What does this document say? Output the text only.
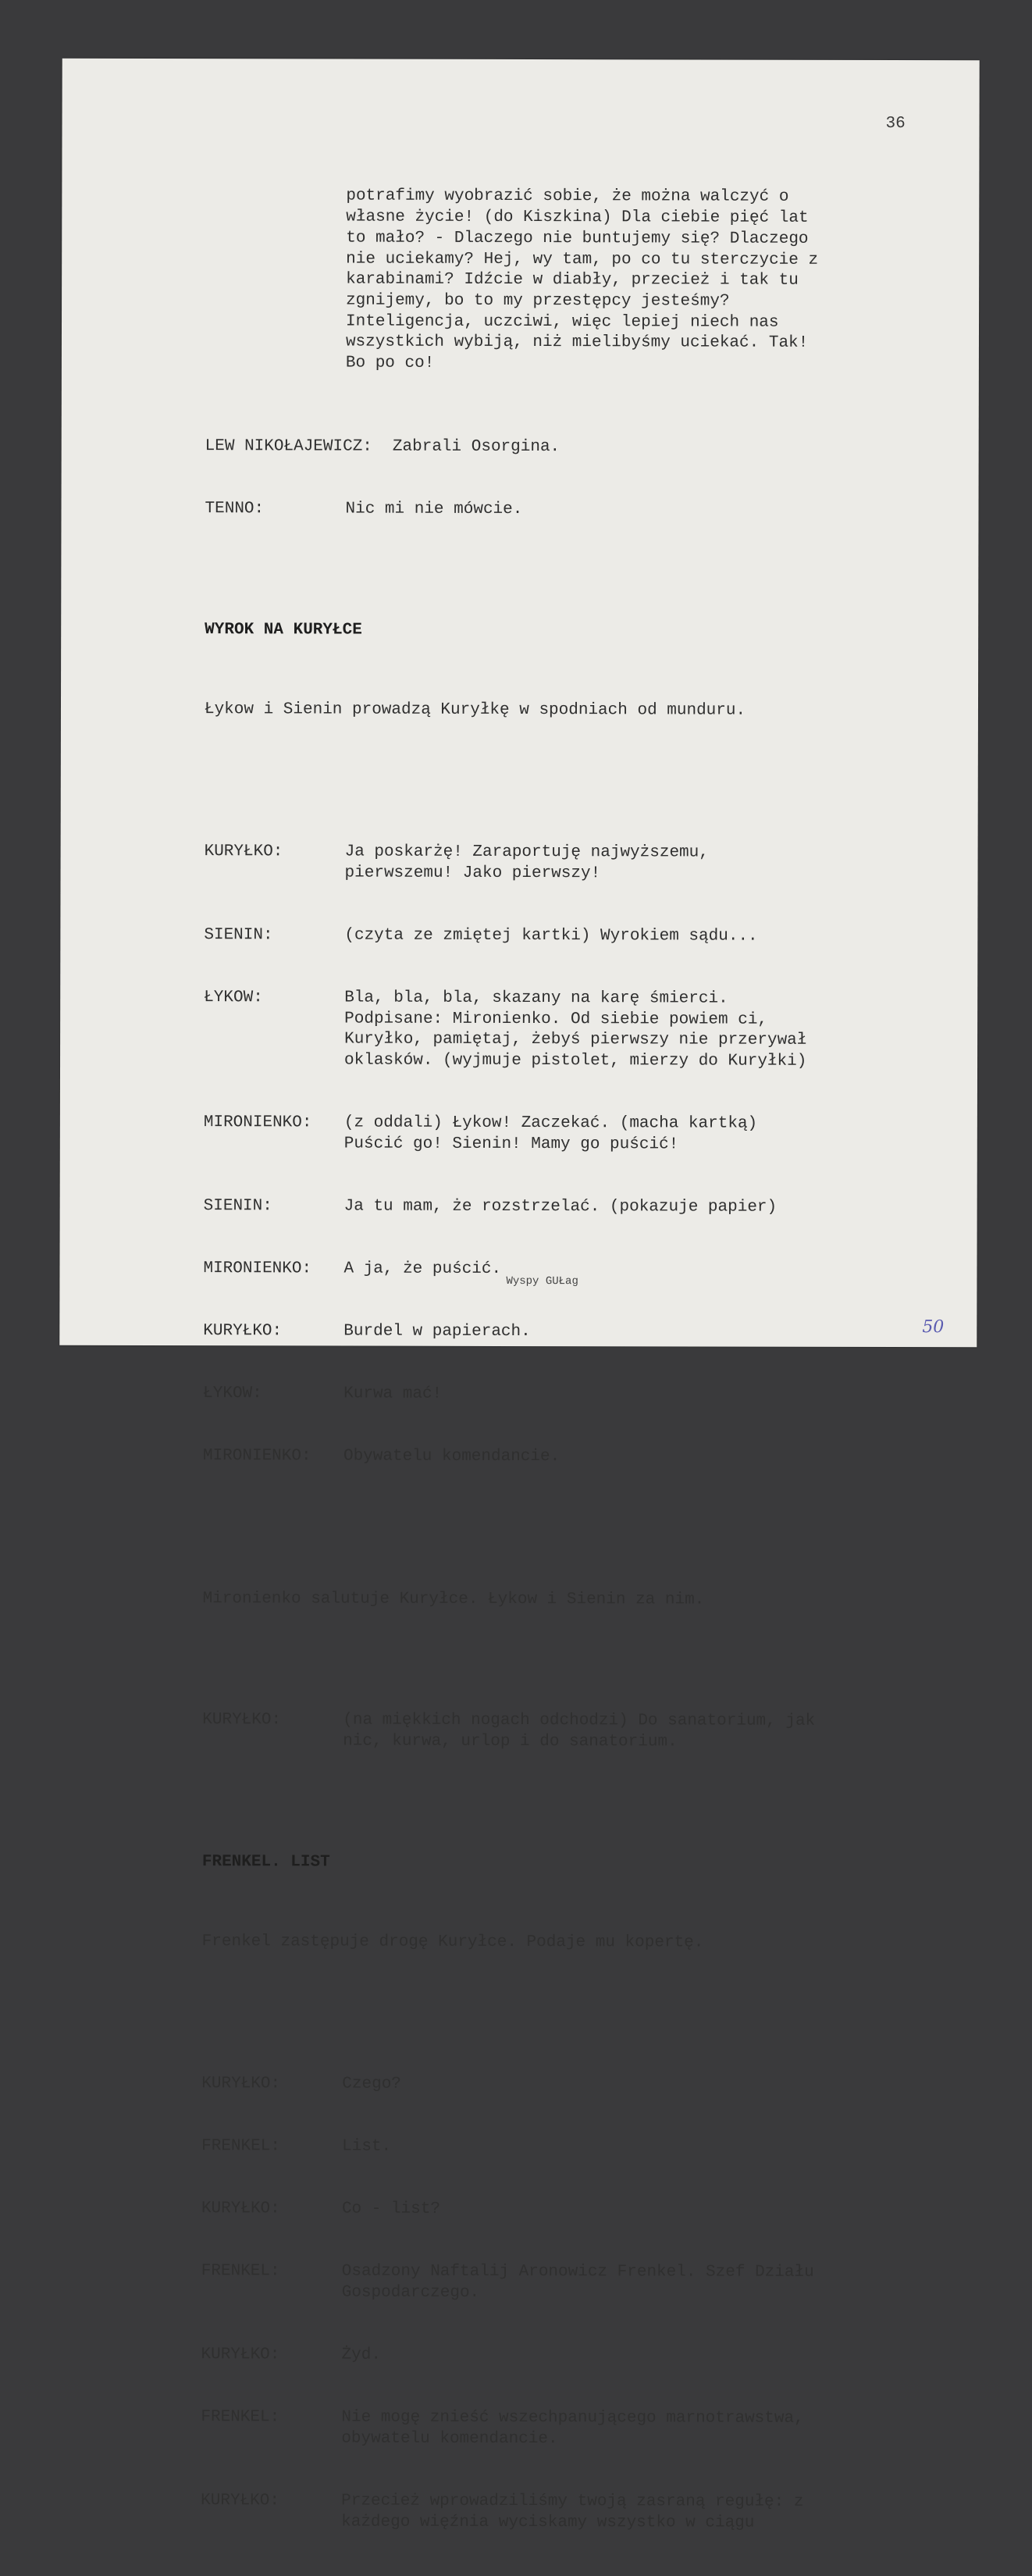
36

potrafimy wyobrazić sobie, że można walczyć o
własne życie! (do Kiszkina) Dla ciebie pięć lat
to mało? - Dlaczego nie buntujemy się? Dlaczego
nie uciekamy? Hej, wy tam, po co tu sterczycie z
karabinami? Idźcie w diabły, przecież i tak tu
zgnijemy, bo to my przestępcy jesteśmy?
Inteligencja, uczciwi, więc lepiej niech nas
wszystkich wybiją, niż mielibyśmy uciekać. Tak!
Bo po co!

LEW NIKOŁAJEWICZ:	Zabrali Osorgina.

TENNO:	Nic mi nie mówcie.

WYROK NA KURYŁCE

Łykow i Sienin prowadzą Kuryłkę w spodniach od munduru.

KURYŁKO:	Ja poskarżę! Zaraportuję najwyższemu,
pierwszemu! Jako pierwszy!

SIENIN:	(czyta ze zmiętej kartki) Wyrokiem sądu...

ŁYKOW:	Bla, bla, bla, skazany na karę śmierci.
Podpisane: Mironienko. Od siebie powiem ci,
Kuryłko, pamiętaj, żebyś pierwszy nie przerywał
oklasków. (wyjmuje pistolet, mierzy do Kuryłki)

MIRONIENKO:	(z oddali) Łykow! Zaczekać. (macha kartką)
Puścić go! Sienin! Mamy go puścić!

SIENIN:	Ja tu mam, że rozstrzelać. (pokazuje papier)

MIRONIENKO:	A ja, że puścić.

KURYŁKO:	Burdel w papierach.

ŁYKOW:	Kurwa mać!

MIRONIENKO:	Obywatelu komendancie.

Mironienko salutuje Kuryłce. Łykow i Sienin za nim.

KURYŁKO:	(na miękkich nogach odchodzi) Do sanatorium, jak
nic, kurwa, urlop i do sanatorium.

FRENKEL. LIST

Frenkel zastępuje drogę Kuryłce. Podaje mu kopertę.

KURYŁKO:	Czego?

FRENKEL:	List.

KURYŁKO:	Co - list?

FRENKEL:	Osadzony Naftalij Aronowicz Frenkel. Szef Działu
Gospodarczego.

KURYŁKO:	Żyd.

FRENKEL:	Nie mogę znieść wszechpanującego marnotrawstwa,
obywatelu komendancie.

KURYŁKO:	Przecież wprowadziliśmy twoją zasraną regułę: z
każdego więźnia wyciskamy wszystko w ciągu

Wyspy GUŁag
50
